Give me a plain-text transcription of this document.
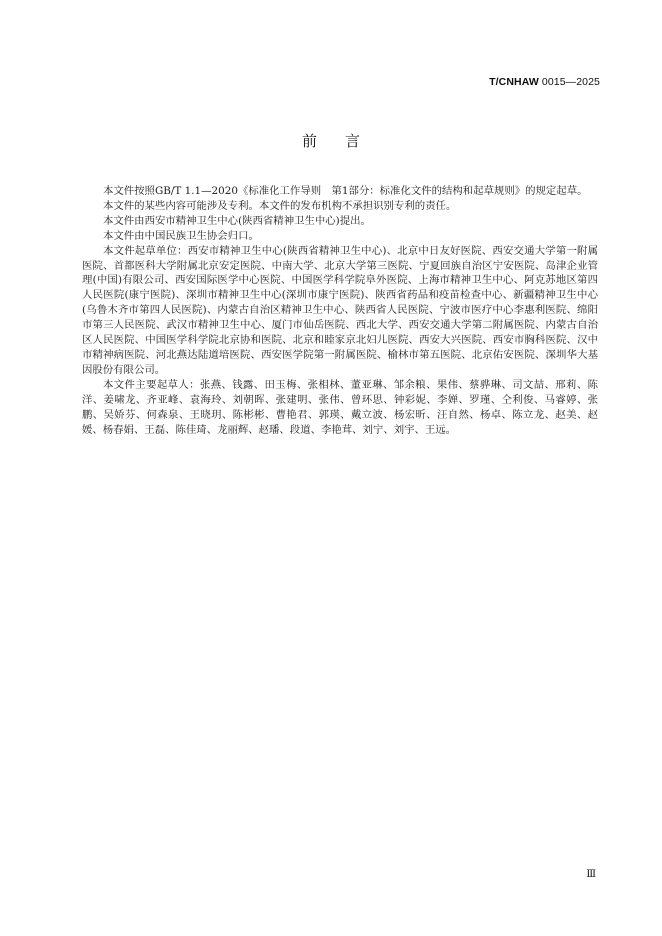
T/CNHAW 0015—2025
前言

本文件按照GB/T 1.1—2020《标准化工作导则　第1部分：标准化文件的结构和起草规则》的规定起草。

本文件的某些内容可能涉及专利。本文件的发布机构不承担识别专利的责任。

本文件由西安市精神卫生中心(陕西省精神卫生中心)提出。

本文件由中国民族卫生协会归口。

本文件起草单位：西安市精神卫生中心(陕西省精神卫生中心)、北京中日友好医院、西安交通大学第一附属医院、首都医科大学附属北京安定医院、中南大学、北京大学第三医院、宁夏回族自治区宁安医院、岛津企业管理(中国)有限公司、西安国际医学中心医院、中国医学科学院阜外医院、上海市精神卫生中心、阿克苏地区第四人民医院(康宁医院)、深圳市精神卫生中心(深圳市康宁医院)、陕西省药品和疫苗检查中心、新疆精神卫生中心(乌鲁木齐市第四人民医院)、内蒙古自治区精神卫生中心、陕西省人民医院、宁波市医疗中心李惠利医院、绵阳市第三人民医院、武汉市精神卫生中心、厦门市仙岳医院、西北大学、西安交通大学第二附属医院、内蒙古自治区人民医院、中国医学科学院北京协和医院、北京和睦家京北妇儿医院、西安大兴医院、西安市胸科医院、汉中市精神病医院、河北燕达陆道培医院、西安医学院第一附属医院、榆林市第五医院、北京佑安医院、深圳华大基因股份有限公司。

本文件主要起草人：张燕、钱露、田玉梅、张相林、董亚琳、邹余粮、果伟、蔡骅琳、司文喆、邢莉、陈洋、姜啸龙、齐亚峰、袁海玲、刘朝晖、张建明、张伟、曾环思、钟彩妮、李婵、罗瑾、仝利俊、马睿婷、张鹏、吴娇芬、何森泉、王晓玥、陈彬彬、曹艳君、郭瑛、戴立波、杨宏昕、汪自然、杨卓、陈立龙、赵美、赵媛、杨春娟、王磊、陈佳琦、龙丽辉、赵璠、段道、李艳茸、刘宁、刘宇、王远。

Ⅲ
